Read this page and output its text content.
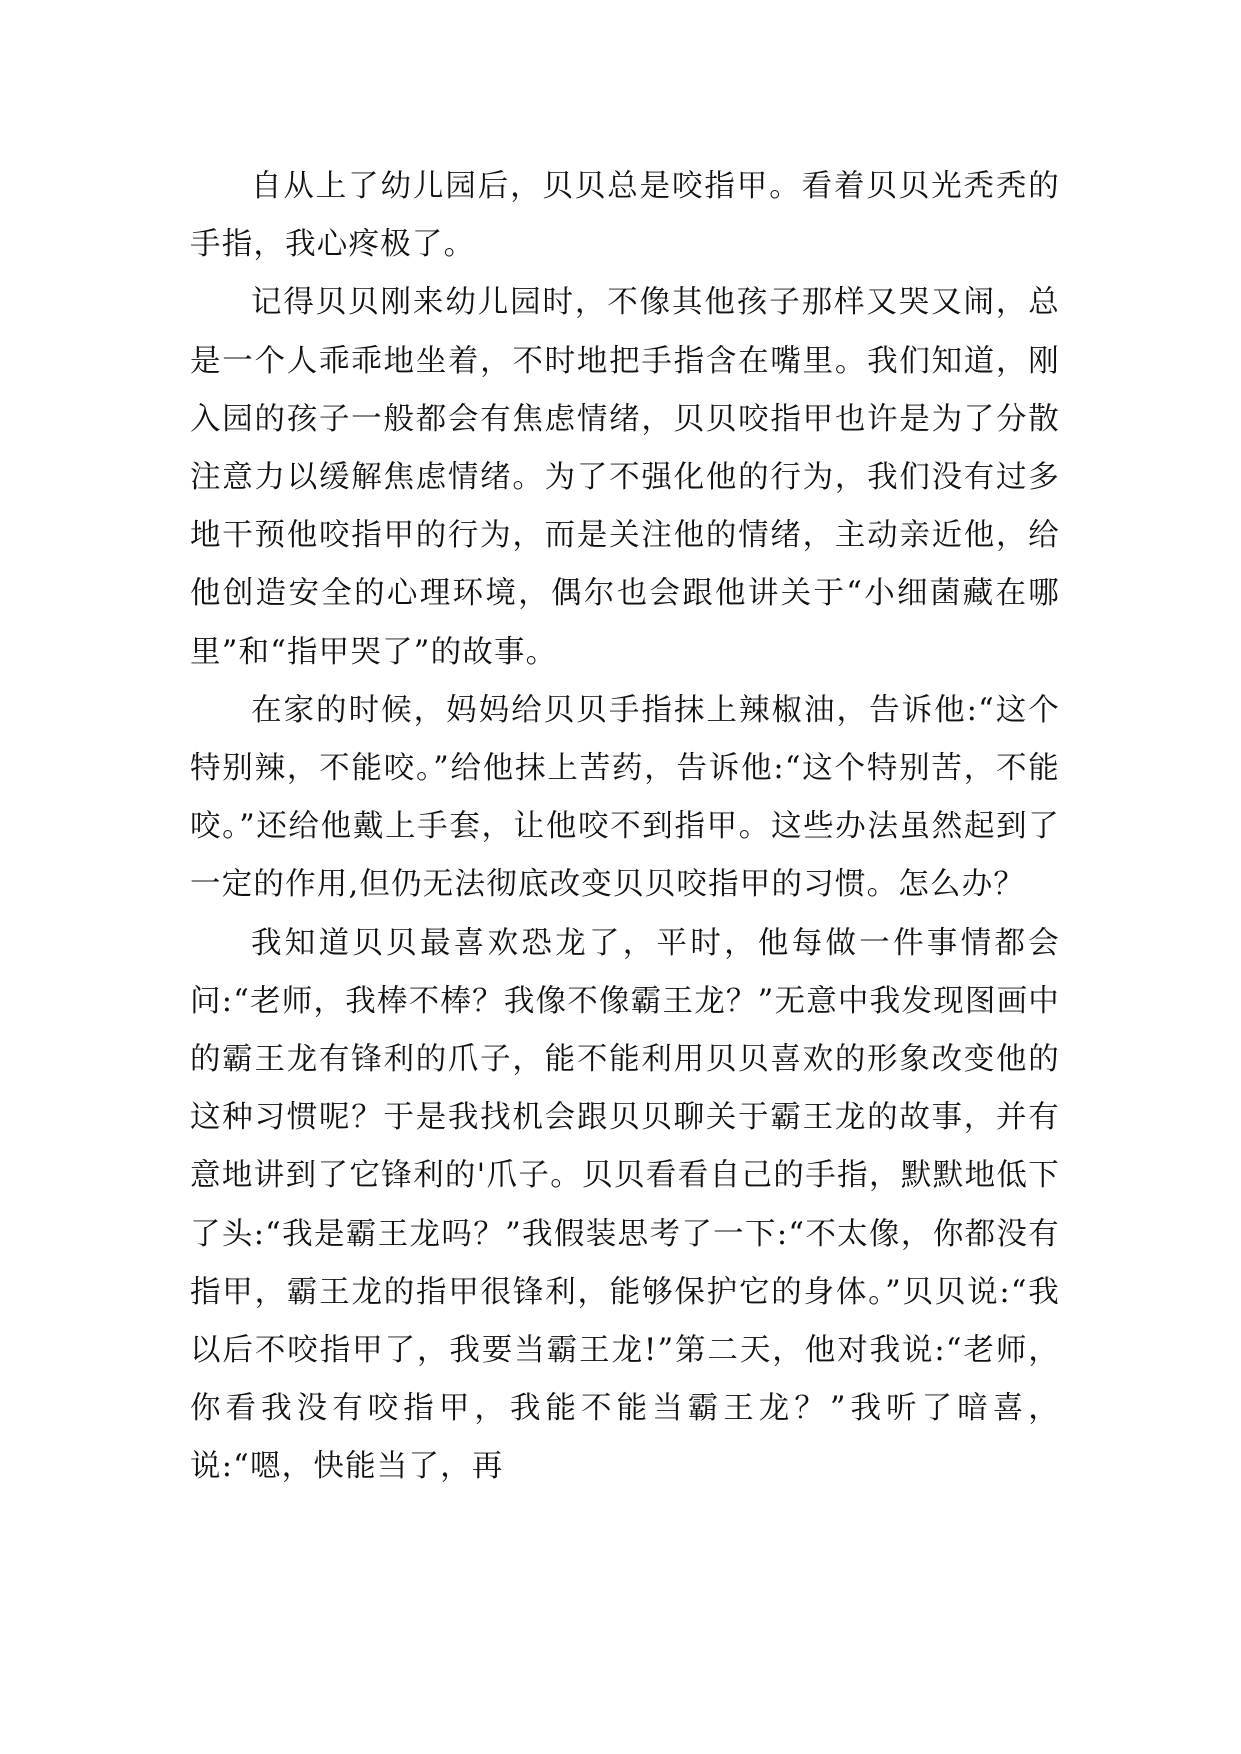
自从上了幼儿园后，贝贝总是咬指甲。看着贝贝光秃秃的手指，我心疼极了。

记得贝贝刚来幼儿园时，不像其他孩子那样又哭又闹，总是一个人乖乖地坐着，不时地把手指含在嘴里。我们知道，刚入园的孩子一般都会有焦虑情绪，贝贝咬指甲也许是为了分散注意力以缓解焦虑情绪。为了不强化他的行为，我们没有过多地干预他咬指甲的行为，而是关注他的情绪，主动亲近他，给他创造安全的心理环境，偶尔也会跟他讲关于“小细菌藏在哪里”和“指甲哭了”的故事。

在家的时候，妈妈给贝贝手指抹上辣椒油，告诉他:“这个特别辣，不能咬。”给他抹上苦药，告诉他:“这个特别苦，不能咬。”还给他戴上手套，让他咬不到指甲。这些办法虽然起到了一定的作用,但仍无法彻底改变贝贝咬指甲的习惯。怎么办？

我知道贝贝最喜欢恐龙了，平时，他每做一件事情都会问:“老师，我棒不棒？我像不像霸王龙？”无意中我发现图画中的霸王龙有锋利的爪子，能不能利用贝贝喜欢的形象改变他的这种习惯呢？于是我找机会跟贝贝聊关于霸王龙的故事，并有意地讲到了它锋利的'爪子。贝贝看看自己的手指，默默地低下了头:“我是霸王龙吗？”我假装思考了一下:“不太像，你都没有指甲，霸王龙的指甲很锋利，能够保护它的身体。”贝贝说:“我以后不咬指甲了，我要当霸王龙!”第二天，他对我说:“老师，你看我没有咬指甲，我能不能当霸王龙？”我听了暗喜，说:“嗯，快能当了，再
